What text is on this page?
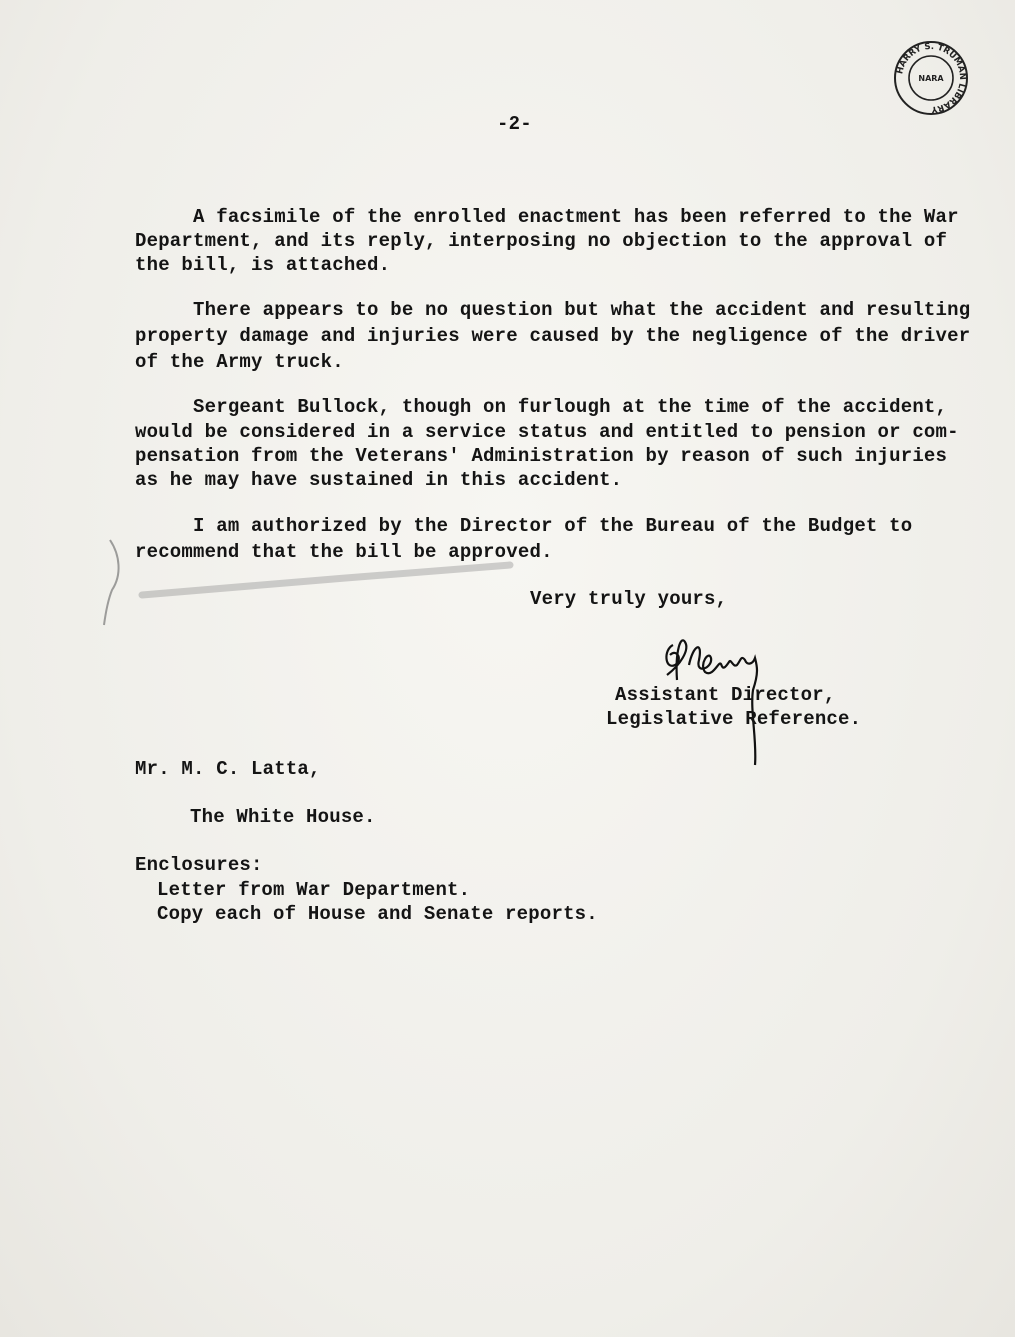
HARRY S. TRUMAN LIBRARY
NARA
-2-
A facsimile of the enrolled enactment has been referred to the War
Department, and its reply, interposing no objection to the approval of
the bill, is attached.
There appears to be no question but what the accident and resulting
property damage and injuries were caused by the negligence of the driver
of the Army truck.
Sergeant Bullock, though on furlough at the time of the accident,
would be considered in a service status and entitled to pension or com-
pensation from the Veterans' Administration by reason of such injuries
as he may have sustained in this accident.
I am authorized by the Director of the Bureau of the Budget to
recommend that the bill be approved.
Very truly yours,
Assistant Director,
Legislative Reference.
Mr. M. C. Latta,
The White House.
Enclosures:
Letter from War Department.
Copy each of House and Senate reports.
